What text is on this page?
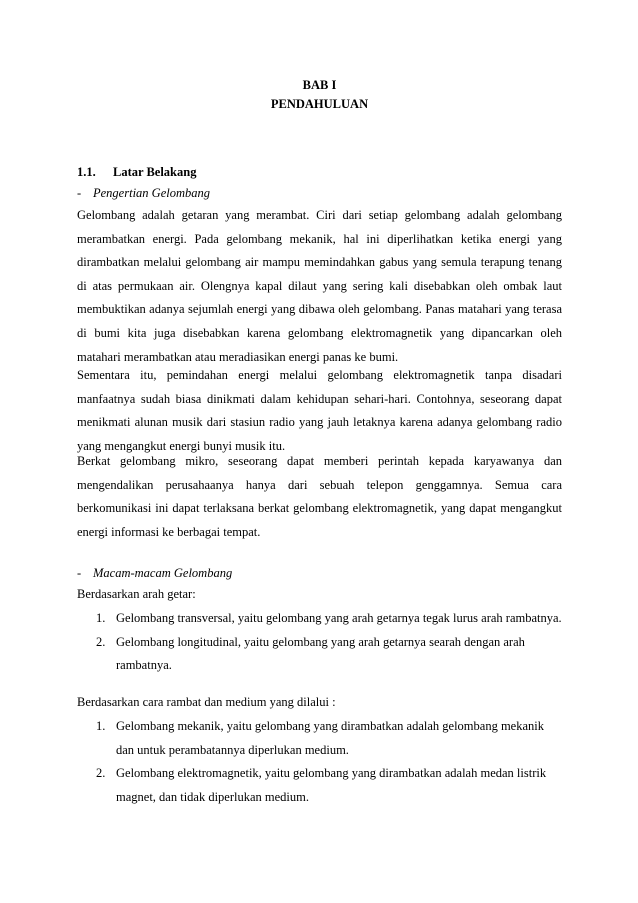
BAB I
PENDAHULUAN
1.1. Latar Belakang
- Pengertian Gelombang

Gelombang adalah getaran yang merambat. Ciri dari setiap gelombang adalah gelombang merambatkan energi. Pada gelombang mekanik, hal ini diperlihatkan ketika energi yang dirambatkan melalui gelombang air mampu memindahkan gabus yang semula terapung tenang di atas permukaan air. Olengnya kapal dilaut yang sering kali disebabkan oleh ombak laut membuktikan adanya sejumlah energi yang dibawa oleh gelombang. Panas matahari yang terasa di bumi kita juga disebabkan karena gelombang elektromagnetik yang dipancarkan oleh matahari merambatkan atau meradiasikan energi panas ke bumi.

Sementara itu, pemindahan energi melalui gelombang elektromagnetik tanpa disadari manfaatnya sudah biasa dinikmati dalam kehidupan sehari-hari. Contohnya, seseorang dapat menikmati alunan musik dari stasiun radio yang jauh letaknya karena adanya gelombang radio yang mengangkut energi bunyi musik itu.

Berkat gelombang mikro, seseorang dapat memberi perintah kepada karyawanya dan mengendalikan perusahaanya hanya dari sebuah telepon genggamnya. Semua cara berkomunikasi ini dapat terlaksana berkat gelombang elektromagnetik, yang dapat mengangkut energi informasi ke berbagai tempat.

- Macam-macam Gelombang
Berdasarkan arah getar:
1. Gelombang transversal, yaitu gelombang yang arah getarnya tegak lurus arah rambatnya.
2. Gelombang longitudinal, yaitu gelombang yang arah getarnya searah dengan arah rambatnya.
Berdasarkan cara rambat dan medium yang dilalui :
1. Gelombang mekanik, yaitu gelombang yang dirambatkan adalah gelombang mekanik dan untuk perambatannya diperlukan medium.
2. Gelombang elektromagnetik, yaitu gelombang yang dirambatkan adalah medan listrik magnet, dan tidak diperlukan medium.
